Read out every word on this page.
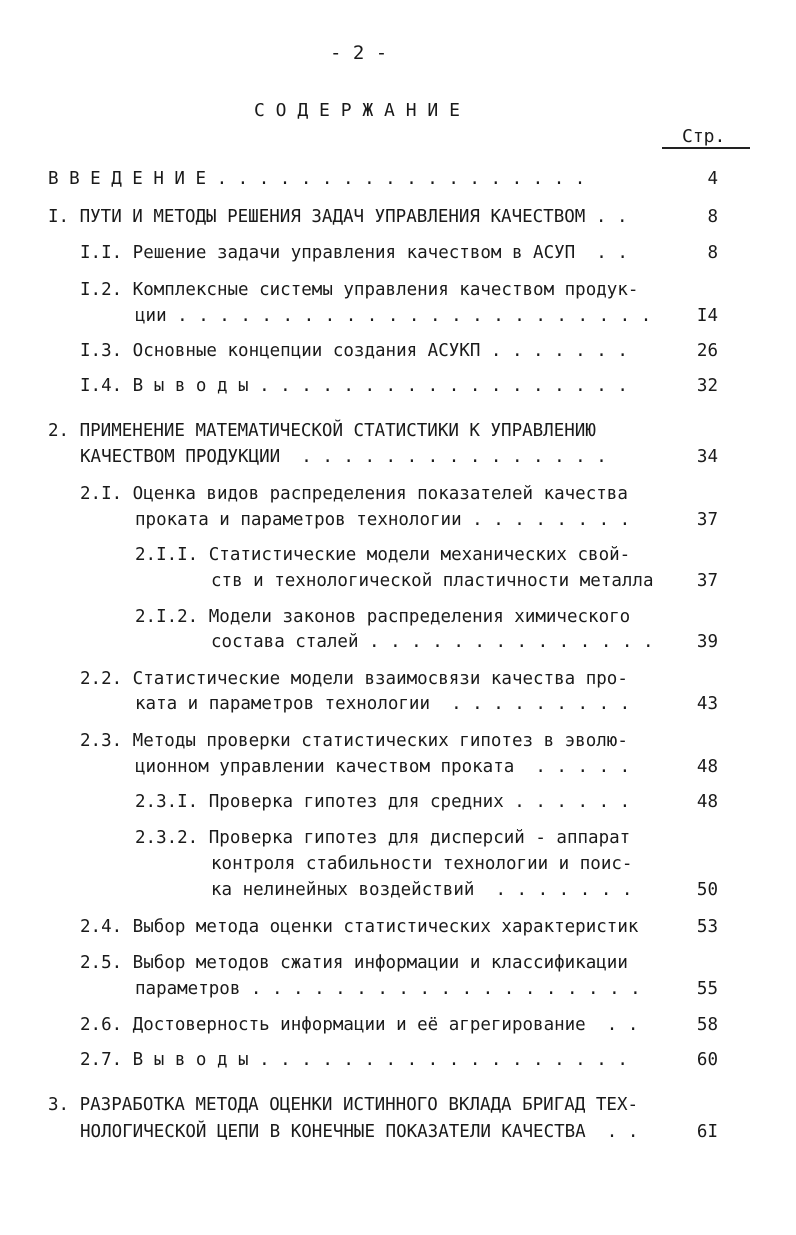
- 2 -
С О Д Е Р Ж А Н И Е
Стр.
В В Е Д Е Н И Е . . . . . . . . . . . . . . . . . .	4
I. ПУТИ И МЕТОДЫ РЕШЕНИЯ ЗАДАЧ УПРАВЛЕНИЯ КАЧЕСТВОМ . .	8
I.I. Решение задачи управления качеством в АСУП  . .	8
I.2. Комплексные системы управления качеством продук-
ции . . . . . . . . . . . . . . . . . . . . . . .	I4
I.3. Основные концепции создания АСУКП . . . . . . .	26
I.4. В ы в о д ы . . . . . . . . . . . . . . . . . .	32
2. ПРИМЕНЕНИЕ МАТЕМАТИЧЕСКОЙ СТАТИСТИКИ К УПРАВЛЕНИЮ
КАЧЕСТВОМ ПРОДУКЦИИ  . . . . . . . . . . . . . . .	34
2.I. Оценка видов распределения показателей качества
проката и параметров технологии . . . . . . . .	37
2.I.I. Статистические модели механических свой-
ств и технологической пластичности металла 37
2.I.2. Модели законов распределения химического
состава сталей . . . . . . . . . . . . . . 39
2.2. Статистические модели взаимосвязи качества про-
ката и параметров технологии  . . . . . . . . .	43
2.3. Методы проверки статистических гипотез в эволю-
ционном управлении качеством проката  . . . . .	48
2.3.I. Проверка гипотез для средних . . . . . .	48
2.3.2. Проверка гипотез для дисперсий - аппарат
контроля стабильности технологии и поис-
ка нелинейных воздействий  . . . . . . .	50
2.4. Выбор метода оценки статистических характеристик	53
2.5. Выбор методов сжатия информации и классификации
параметров . . . . . . . . . . . . . . . . . . .	55
2.6. Достоверность информации и её агрегирование  . .	58
2.7. В ы в о д ы . . . . . . . . . . . . . . . . . .	60
3. РАЗРАБОТКА МЕТОДА ОЦЕНКИ ИСТИННОГО ВКЛАДА БРИГАД ТЕХ-
НОЛОГИЧЕСКОЙ ЦЕПИ В КОНЕЧНЫЕ ПОКАЗАТЕЛИ КАЧЕСТВА  . .	6I
